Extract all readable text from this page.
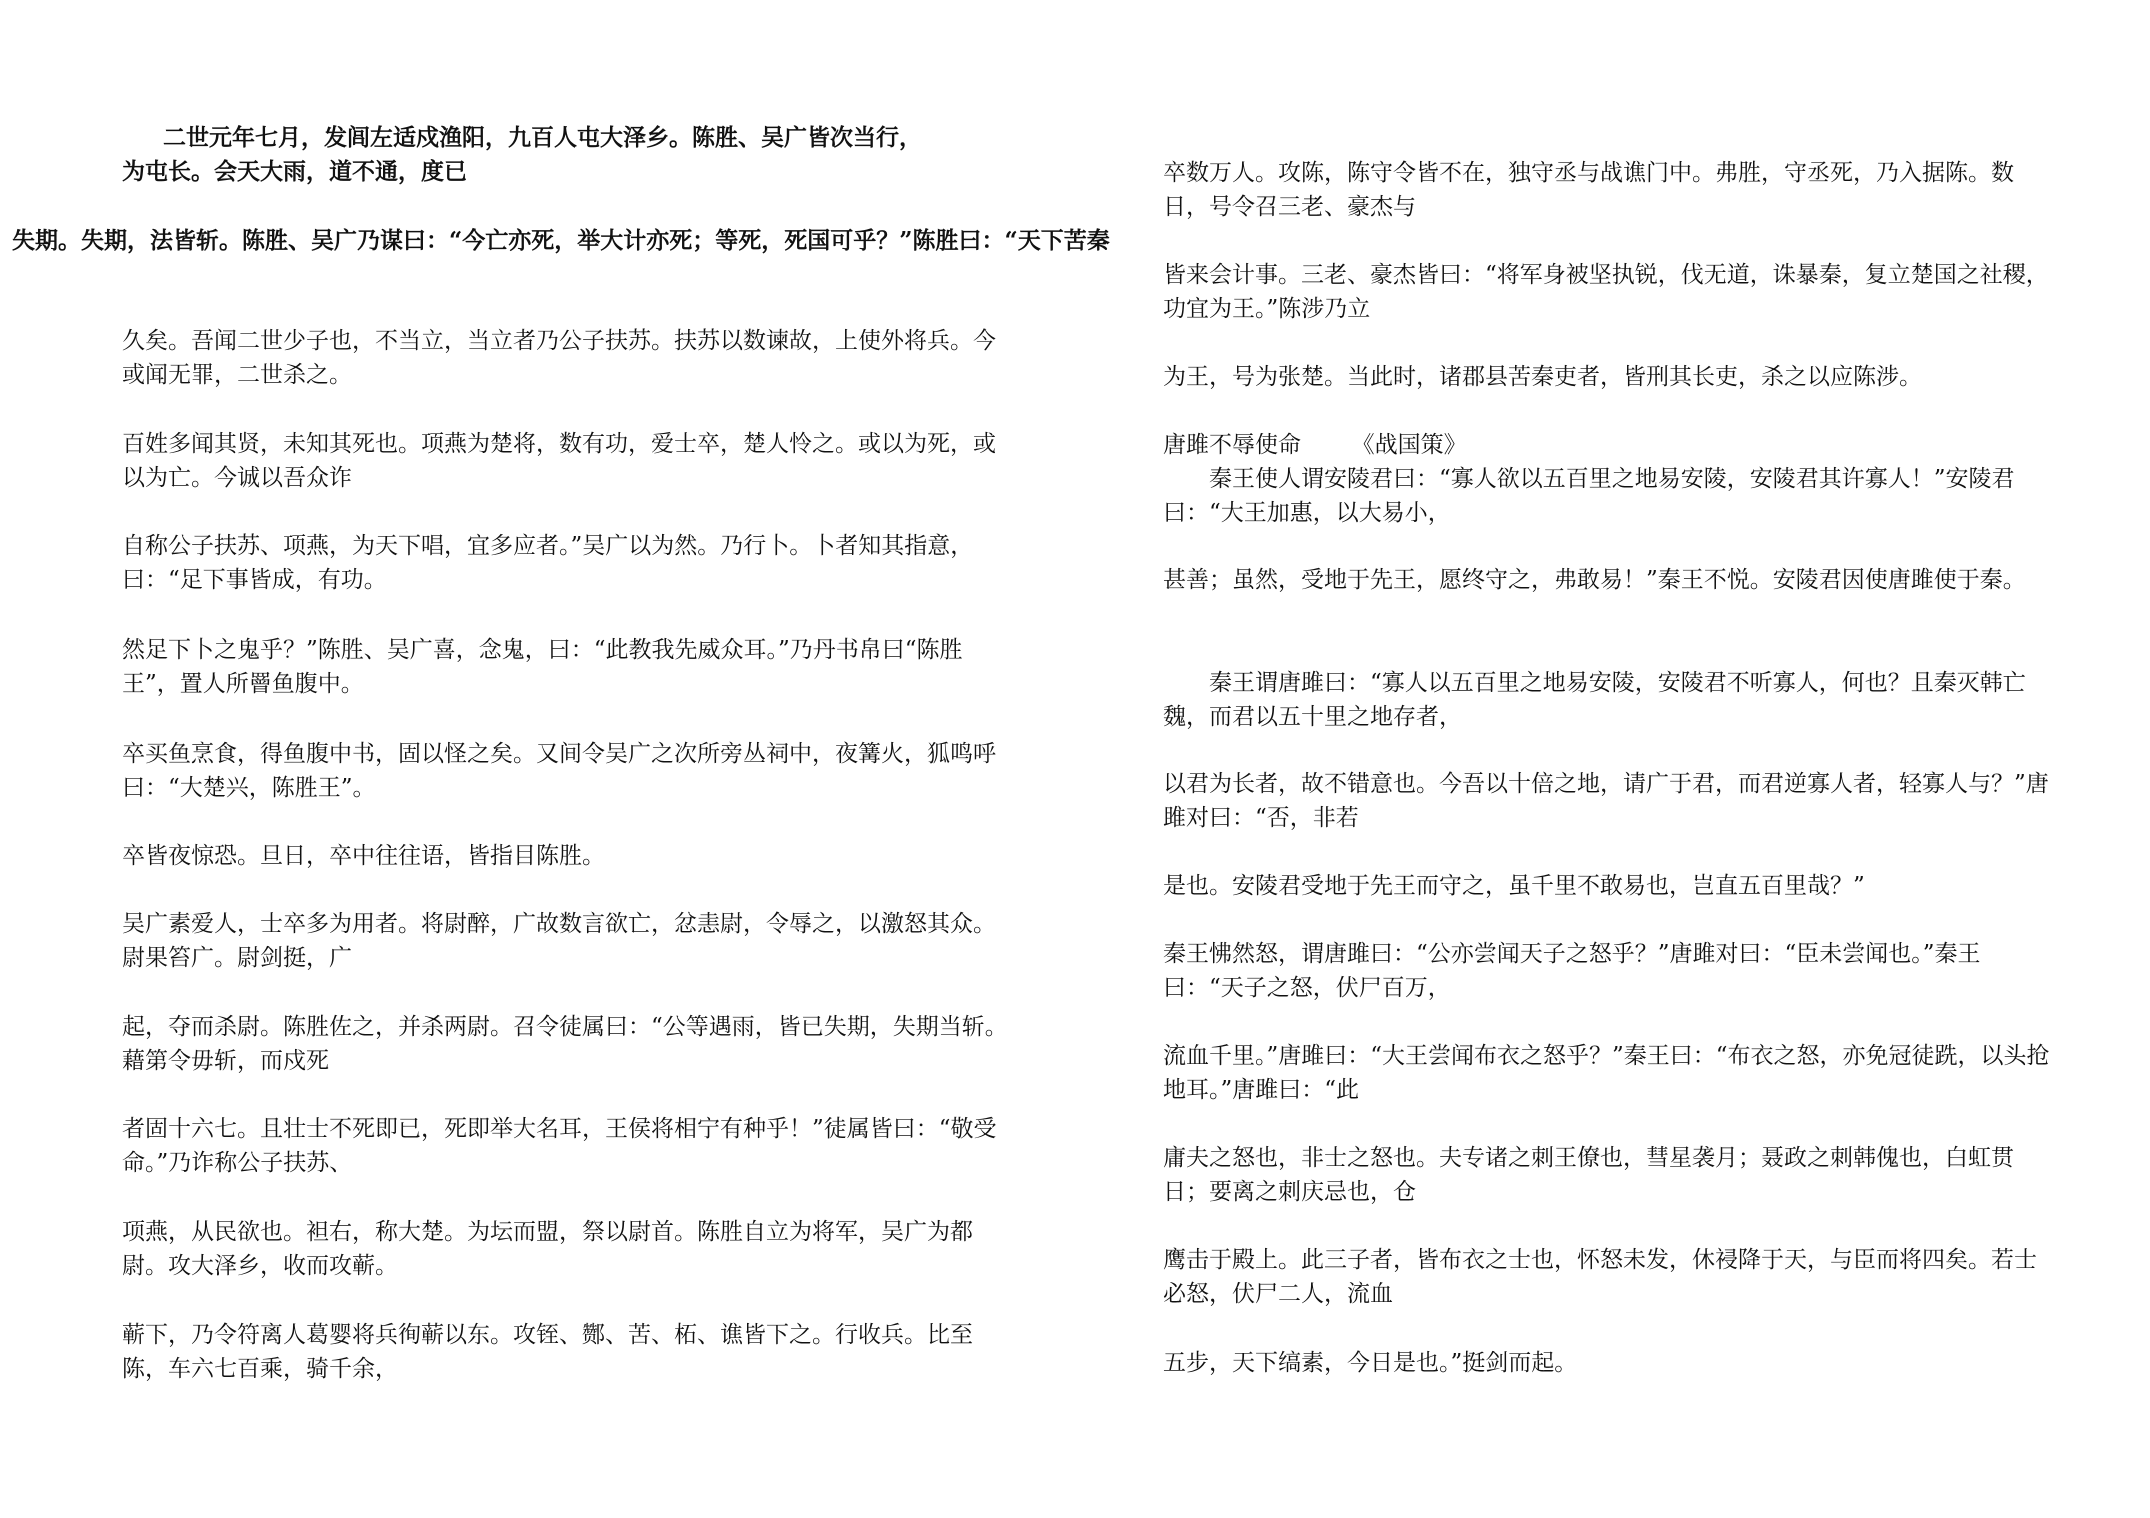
二世元年七月，发闾左适戍渔阳，九百人屯大泽乡。陈胜、吴广皆次当行，

为屯长。会天大雨，道不通，度已

失期。失期，法皆斩。陈胜、吴广乃谋曰：“今亡亦死，举大计亦死；等死，死国可乎？”陈胜曰：“天下苦秦

久矣。吾闻二世少子也，不当立，当立者乃公子扶苏。扶苏以数谏故，上使外将兵。今或闻无罪，二世杀之。

百姓多闻其贤，未知其死也。项燕为楚将，数有功，爱士卒，楚人怜之。或以为死，或以为亡。今诚以吾众诈

自称公子扶苏、项燕，为天下唱，宜多应者。”吴广以为然。乃行卜。卜者知其指意，曰：“足下事皆成，有功。

然足下卜之鬼乎？”陈胜、吴广喜，念鬼，曰：“此教我先威众耳。”乃丹书帛曰“陈胜王”，置人所罾鱼腹中。

卒买鱼烹食，得鱼腹中书，固以怪之矣。又间令吴广之次所旁丛祠中，夜篝火，狐鸣呼曰：“大楚兴，陈胜王”。

卒皆夜惊恐。旦日，卒中往往语，皆指目陈胜。

吴广素爱人，士卒多为用者。将尉醉，广故数言欲亡，忿恚尉，令辱之，以激怒其众。尉果笞广。尉剑挺，广

起，夺而杀尉。陈胜佐之，并杀两尉。召令徒属曰：“公等遇雨，皆已失期，失期当斩。藉第令毋斩，而戍死

者固十六七。且壮士不死即已，死即举大名耳，王侯将相宁有种乎！”徒属皆曰：“敬受命。”乃诈称公子扶苏、

项燕，从民欲也。袒右，称大楚。为坛而盟，祭以尉首。陈胜自立为将军，吴广为都尉。攻大泽乡，收而攻蕲。

蕲下，乃令符离人葛婴将兵徇蕲以东。攻铚、酂、苦、柘、谯皆下之。行收兵。比至陈，车六七百乘，骑千余，

卒数万人。攻陈，陈守令皆不在，独守丞与战谯门中。弗胜，守丞死，乃入据陈。数日，号令召三老、豪杰与

皆来会计事。三老、豪杰皆曰：“将军身被坚执锐，伐无道，诛暴秦，复立楚国之社稷，功宜为王。”陈涉乃立

为王，号为张楚。当此时，诸郡县苦秦吏者，皆刑其长吏，杀之以应陈涉。

唐雎不辱使命 《战国策》

秦王使人谓安陵君曰：“寡人欲以五百里之地易安陵，安陵君其许寡人！”安陵君曰：“大王加惠，以大易小，

甚善；虽然，受地于先王，愿终守之，弗敢易！”秦王不悦。安陵君因使唐雎使于秦。

秦王谓唐雎曰：“寡人以五百里之地易安陵，安陵君不听寡人，何也？且秦灭韩亡魏，而君以五十里之地存者，

以君为长者，故不错意也。今吾以十倍之地，请广于君，而君逆寡人者，轻寡人与？”唐雎对曰：“否，非若

是也。安陵君受地于先王而守之，虽千里不敢易也，岂直五百里哉？”

秦王怫然怒，谓唐雎曰：“公亦尝闻天子之怒乎？”唐雎对曰：“臣未尝闻也。”秦王曰：“天子之怒，伏尸百万，

流血千里。”唐雎曰：“大王尝闻布衣之怒乎？”秦王曰：“布衣之怒，亦免冠徒跣，以头抢地耳。”唐雎曰：“此

庸夫之怒也，非士之怒也。夫专诸之刺王僚也，彗星袭月；聂政之刺韩傀也，白虹贯日；要离之刺庆忌也，仓

鹰击于殿上。此三子者，皆布衣之士也，怀怒未发，休祲降于天，与臣而将四矣。若士必怒，伏尸二人，流血

五步，天下缟素，今日是也。”挺剑而起。
